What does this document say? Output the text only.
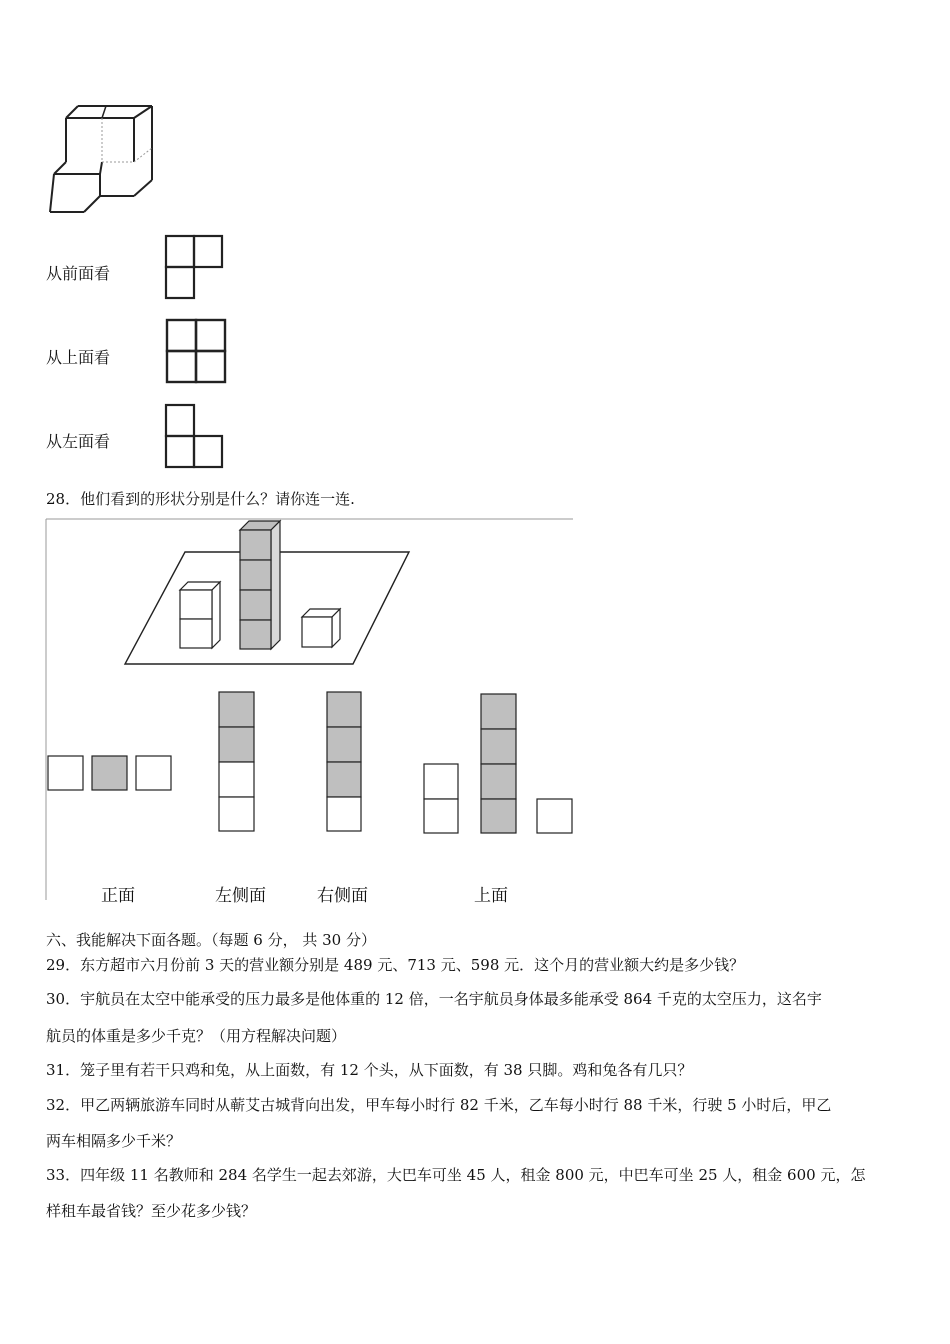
从前面看
从上面看
从左面看
28．他们看到的形状分别是什么？请你连一连.
正面	左侧面	右侧面	上面
六、我能解决下面各题。（每题 6 分， 共 30 分）
29．东方超市六月份前 3 天的营业额分别是 489 元、713 元、598 元．这个月的营业额大约是多少钱？
30．宇航员在太空中能承受的压力最多是他体重的 12 倍，一名宇航员身体最多能承受 864 千克的太空压力，这名宇
航员的体重是多少千克？（用方程解决问题）
31．笼子里有若干只鸡和兔，从上面数，有 12 个头，从下面数，有 38 只脚。鸡和兔各有几只？
32．甲乙两辆旅游车同时从蕲艾古城背向出发，甲车每小时行 82 千米，乙车每小时行 88 千米，行驶 5 小时后，甲乙
两车相隔多少千米？
33．四年级 11 名教师和 284 名学生一起去郊游，大巴车可坐 45 人，租金 800 元，中巴车可坐 25 人，租金 600 元，怎
样租车最省钱？至少花多少钱？
